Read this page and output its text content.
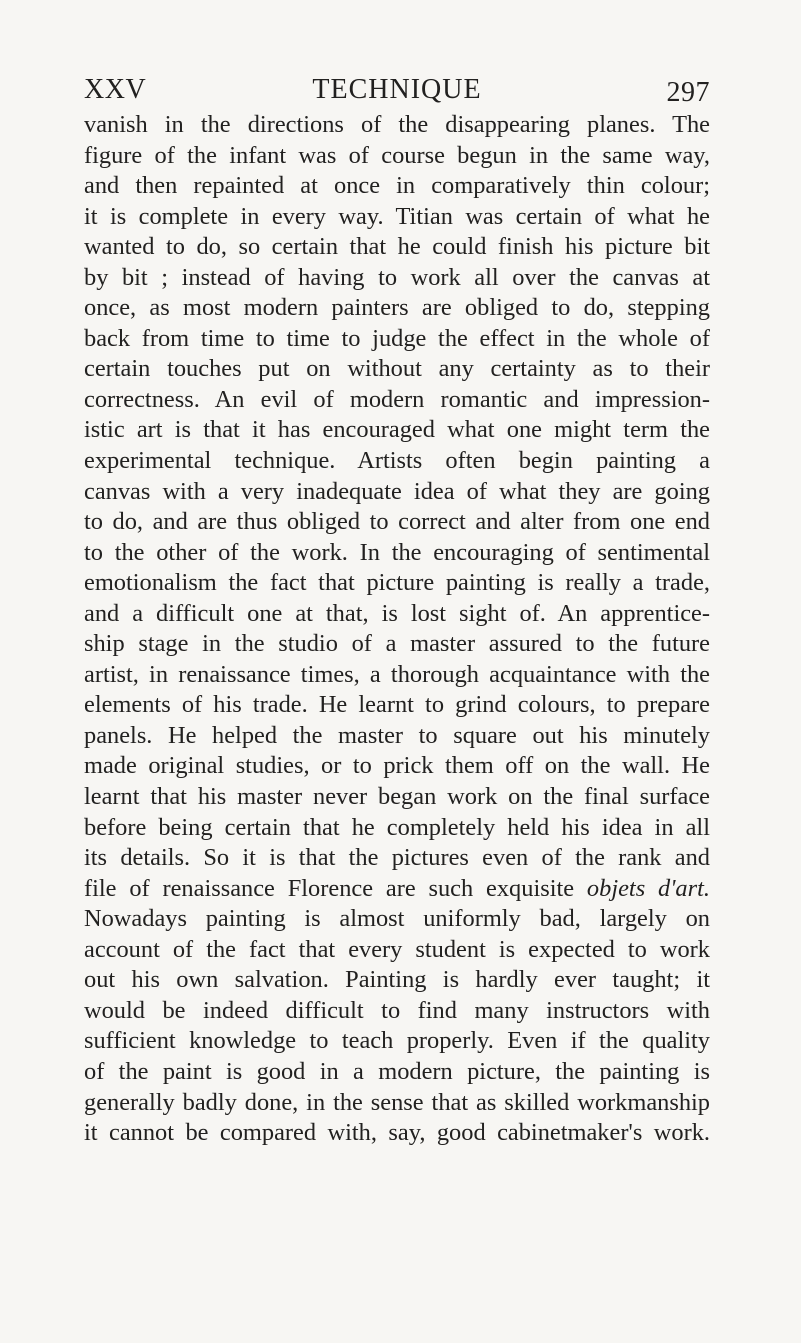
XXV	TECHNIQUE	297
vanish in the directions of the disappearing planes. The
figure of the infant was of course begun in the same way,
and then repainted at once in comparatively thin colour;
it is complete in every way. Titian was certain of what he
wanted to do, so certain that he could finish his picture bit
by bit ; instead of having to work all over the canvas at
once, as most modern painters are obliged to do, stepping
back from time to time to judge the effect in the whole of
certain touches put on without any certainty as to their
correctness. An evil of modern romantic and impression-
istic art is that it has encouraged what one might term the
experimental technique. Artists often begin painting a
canvas with a very inadequate idea of what they are going
to do, and are thus obliged to correct and alter from one end
to the other of the work. In the encouraging of sentimental
emotionalism the fact that picture painting is really a trade,
and a difficult one at that, is lost sight of. An apprentice-
ship stage in the studio of a master assured to the future
artist, in renaissance times, a thorough acquaintance with the
elements of his trade. He learnt to grind colours, to prepare
panels. He helped the master to square out his minutely
made original studies, or to prick them off on the wall. He
learnt that his master never began work on the final surface
before being certain that he completely held his idea in all
its details. So it is that the pictures even of the rank and
file of renaissance Florence are such exquisite objets d'art.
Nowadays painting is almost uniformly bad, largely on
account of the fact that every student is expected to work
out his own salvation. Painting is hardly ever taught; it
would be indeed difficult to find many instructors with
sufficient knowledge to teach properly. Even if the quality
of the paint is good in a modern picture, the painting is
generally badly done, in the sense that as skilled workmanship
it cannot be compared with, say, good cabinetmaker's work.
